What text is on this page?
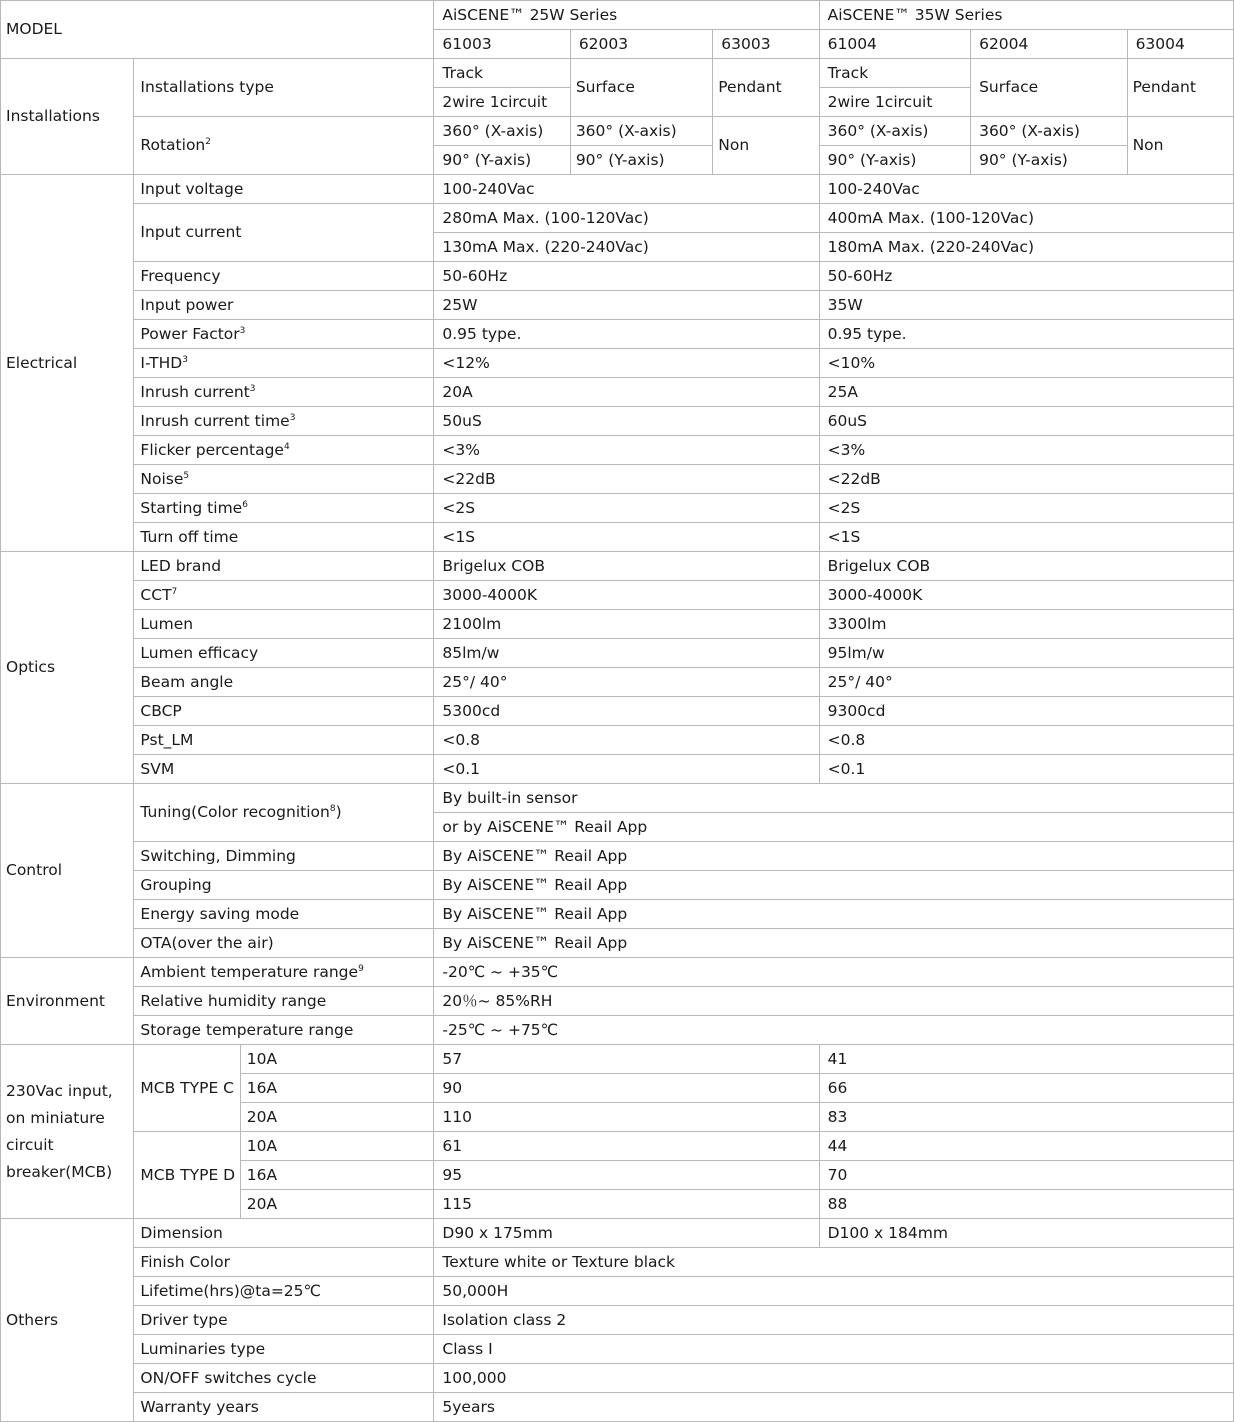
MODEL			AiSCENE™ 25W Series			AiSCENE™ 35W Series		
			61003	62003	63003	61004	62004	63004
Installations	Installations type		Track	Surface	Pendant	Track	Surface	Pendant
			2wire 1circuit			2wire 1circuit		
	Rotation$^2$		360° (X-axis)	360° (X-axis)	Non	360° (X-axis)	360° (X-axis)	Non
			90° (Y-axis)	90° (Y-axis)		90° (Y-axis)	90° (Y-axis)	
Electrical	Input voltage		100-240Vac			100-240Vac		
	Input current		280mA Max. (100-120Vac)			400mA Max. (100-120Vac)		
			130mA Max. (220-240Vac)			180mA Max. (220-240Vac)		
	Frequency		50-60Hz			50-60Hz		
	Input power		25W			35W		
	Power Factor$^3$		0.95 type.			0.95 type.		
	I-THD$^3$		<12%			<10%		
	Inrush current$^3$		20A			25A		
	Inrush current time$^3$		50uS			60uS		
	Flicker percentage$^4$		<3%			<3%		
	Noise$^5$		<22dB			<22dB		
	Starting time$^6$		<2S			<2S		
	Turn off time		<1S			<1S		
Optics	LED brand		Brigelux COB			Brigelux COB		
	CCT$^7$		3000-4000K			3000-4000K		
	Lumen		2100lm			3300lm		
	Lumen efficacy		85lm/w			95lm/w		
	Beam angle		25°/ 40°			25°/ 40°		
	CBCP		5300cd			9300cd		
	Pst_LM		<0.8			<0.8		
	SVM		<0.1			<0.1		
Control	Tuning(Color recognition$^8$)		By built-in sensor					
			or by AiSCENE™ Reail App					
	Switching, Dimming		By AiSCENE™ Reail App					
	Grouping		By AiSCENE™ Reail App					
	Energy saving mode		By AiSCENE™ Reail App					
	OTA(over the air)		By AiSCENE™ Reail App					
Environment	Ambient temperature range$^9$		-20℃ ~ +35℃					
	Relative humidity range		20％~ 85%RH					
	Storage temperature range		-25℃ ~ +75℃					
230Vac input, on miniature circuit breaker(MCB)	MCB TYPE C	10A	57			41		
		16A	90			66		
		20A	110			83		
	MCB TYPE D	10A	61			44		
		16A	95			70		
		20A	115			88		
Others	Dimension		D90 x 175mm			D100 x 184mm		
	Finish Color		Texture white or Texture black					
	Lifetime(hrs)@ta=25℃		50,000H					
	Driver type		Isolation class 2					
	Luminaries type		Class I					
	ON/OFF switches cycle		100,000					
	Warranty years		5years					
